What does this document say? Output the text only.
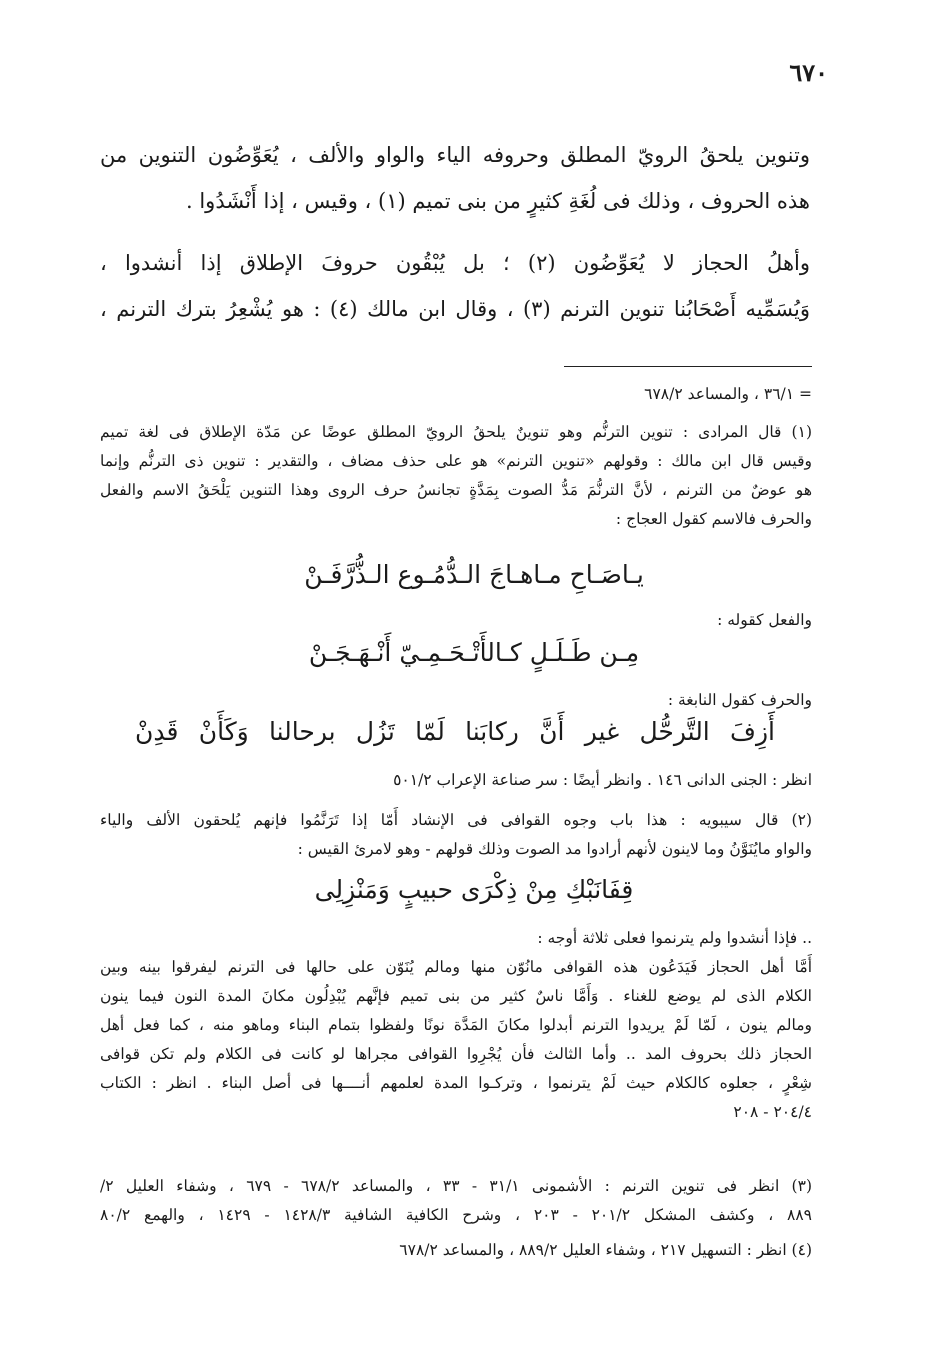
٦٧٠
وتنوين يلحقُ الرويّ المطلق وحروفه الياء والواو والألف ، يُعَوِّضُون التنوين من
هذه الحروف ، وذلك فى لُغَةِ كثيرٍ من بنى تميم (١) ، وقيس ، إذا أَنْشَدُوا .
وأهلُ الحجاز لا يُعَوِّضُون (٢) ؛ بل يُبْقُون حروفَ الإطلاق إذا أنشدوا ،
وَيُسَمِّيه أَصْحَابُنا تنوين الترنم (٣) ، وقال ابن مالك (٤) : هو يُشْعِرُ بترك الترنم ،
= ٣٦/١ ، والمساعد ٦٧٨/٢
(١) قال المرادى : تنوين الترنُّم وهو تنوينٌ يلحقُ الرويّ المطلق عوضًا عن مَدّة الإطلاق فى لغة تميم
وقيس قال ابن مالك : وقولهم «تنوين الترنم» هو على حذف مضاف ، والتقدير : تنوين ذى الترنُّم وإنما
هو عوضٌ من الترنم ، لأنَّ الترنُّمَ مَدُّ الصوت بِمَدَّةٍ تجانسُ حرف الروى وهذا التنوين يَلْحَقُ الاسم والفعل
والحرف فالاسم كقول العجاج :
يـاصَـاحِ مـاهـاجَ الـدُّمُـوع الـذُّرَّفَـنْ
والفعل كقوله :
مِـن طَـلَـلٍ كـالأَتْـحَـمِـيّ أَنْـهَـجَـنْ
والحرف كقول النابغة :
أَزِفَ التَّرحُّل غير أَنَّ ركابَنا لَمّا تَزُل برحالنا وَكَأَنْ قَدِنْ
انظر : الجنى الدانى ١٤٦ . وانظر أيضًا : سر صناعة الإعراب ٥٠١/٢
(٢) قال سيبويه : هذا باب وجوه القوافى فى الإنشاد أَمّا إذا تَرَنَّمُوا فإنهم يُلحقون الألف والياء
والواو مايُنَوَّنُ وما لاينون لأنهم أرادوا مد الصوت وذلك قولهم - وهو لامرئ القيس :
قِفَانَبْكِ مِنْ ذِكْرَى حبيبٍ وَمَنْزِلِى
.. فإذا أنشدوا ولم يترنموا فعلى ثلاثة أوجه :
أَمَّا أهل الحجاز فَيَدَعُون هذه القوافى مانُوّن منها ومالم يُنَوّن على حالها فى الترنم ليفرقوا بينه وبين
الكلام الذى لم يوضع للغناء . وَأَمَّا ناسٌ كثير من بنى تميم فإنَّهم يُبْدِلُون مكانَ المدة النون فيما ينون
ومالم ينون ، لَمّا لَمْ يريدوا الترنم أبدلوا مكانَ المَدَّة نونًا ولفظوا بتمام البناء وماهو منه ، كما فعل أهل
الحجاز ذلك بحروف المد .. وأما الثالث فأن يُجْرِوا القوافى مجراها لو كانت فى الكلام ولم تكن قوافى
شِعْرٍ ، جعلوه كالكلام حيث لَمْ يترنموا ، وتركـوا المدة لعلمهم أنــــها فى أصل البناء . انظر : الكتاب
٢٠٤/٤ - ٢٠٨
(٣) انظر فى تنوين الترنم : الأشمونى ٣١/١ - ٣٣ ، والمساعد ٦٧٨/٢ - ٦٧٩ ، وشفاء العليل ٢/
٨٨٩ ، وكشف المشكل ٢٠١/٢ - ٢٠٣ ، وشرح الكافية الشافية ١٤٢٨/٣ - ١٤٢٩ ، والهمع ٨٠/٢
(٤) انظر : التسهيل ٢١٧ ، وشفاء العليل ٨٨٩/٢ ، والمساعد ٦٧٨/٢
